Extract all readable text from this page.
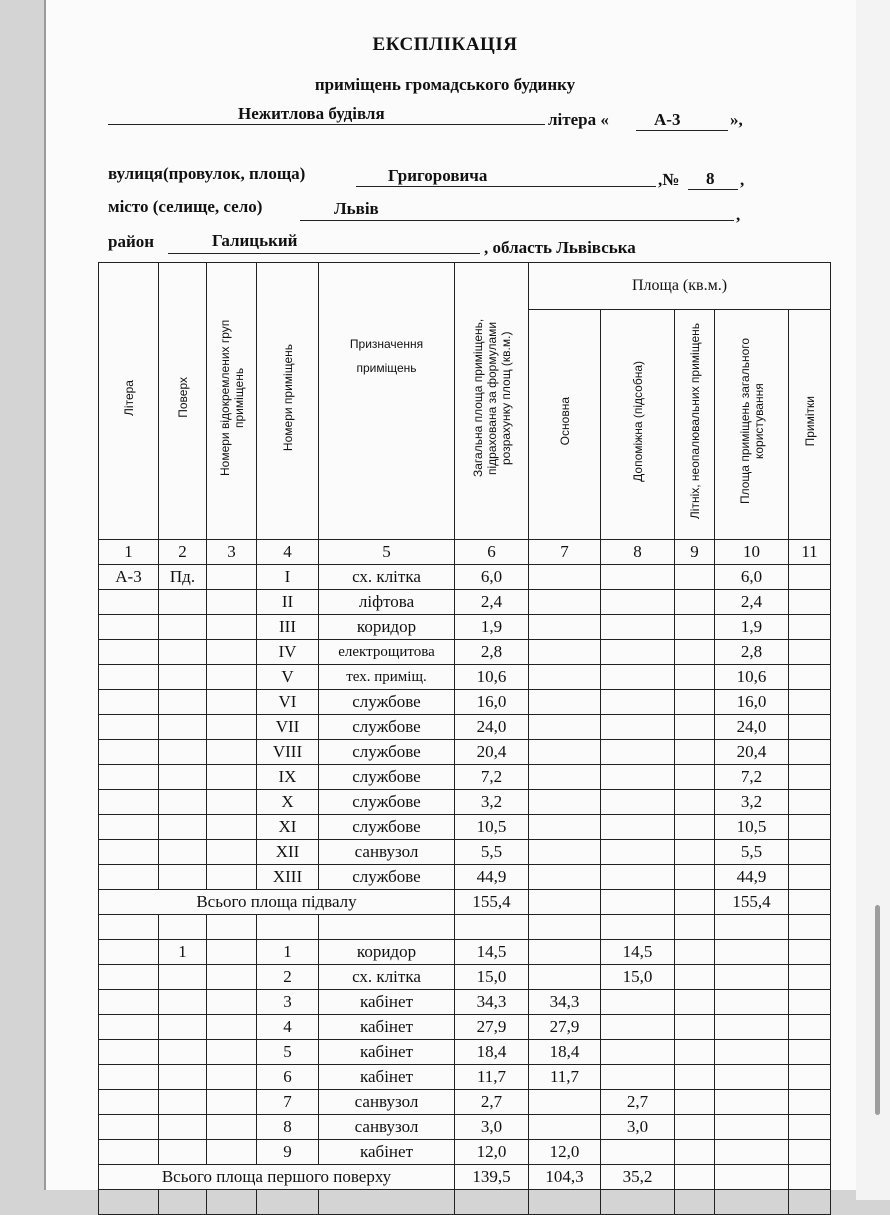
ЕКСПЛІКАЦІЯ
приміщень громадського будинку
Нежитлова будівля	літера «	А-3	»,
вулиця(провулок, площа)	Григоровича	,№ 8 ,
місто (селище, село)	Львів	,
район	Галицький	, область Львівська
Літера	Поверх	Номери відокремлених груп приміщень	Номери приміщень	Призначення приміщень	Загальна площа приміщень, підрахована за формулами розрахунку площ (кв.м.)	Площа (кв.м.)				
						Основна	Допоміжна (підсобна)	Літніх, неопалювальних приміщень	Площа приміщень загального користування	Примітки
1	2	3	4	5	6	7	8	9	10	11
А-3	Пд.		I	сх. клітка	6,0				6,0	
			II	ліфтова	2,4				2,4	
			III	коридор	1,9				1,9	
			IV	електрощитова	2,8				2,8	
			V	тех. приміщ.	10,6				10,6	
			VI	службове	16,0				16,0	
			VII	службове	24,0				24,0	
			VIII	службове	20,4				20,4	
			IX	службове	7,2				7,2	
			X	службове	3,2				3,2	
			XI	службове	10,5				10,5	
			XII	санвузол	5,5				5,5	
			XIII	службове	44,9				44,9	
Всього площа підвалу					155,4				155,4	

	1		1	коридор	14,5		14,5			
			2	сх. клітка	15,0		15,0			
			3	кабінет	34,3	34,3				
			4	кабінет	27,9	27,9				
			5	кабінет	18,4	18,4				
			6	кабінет	11,7	11,7				
			7	санвузол	2,7		2,7			
			8	санвузол	3,0		3,0			
			9	кабінет	12,0	12,0				
Всього площа першого поверху					139,5	104,3	35,2			
